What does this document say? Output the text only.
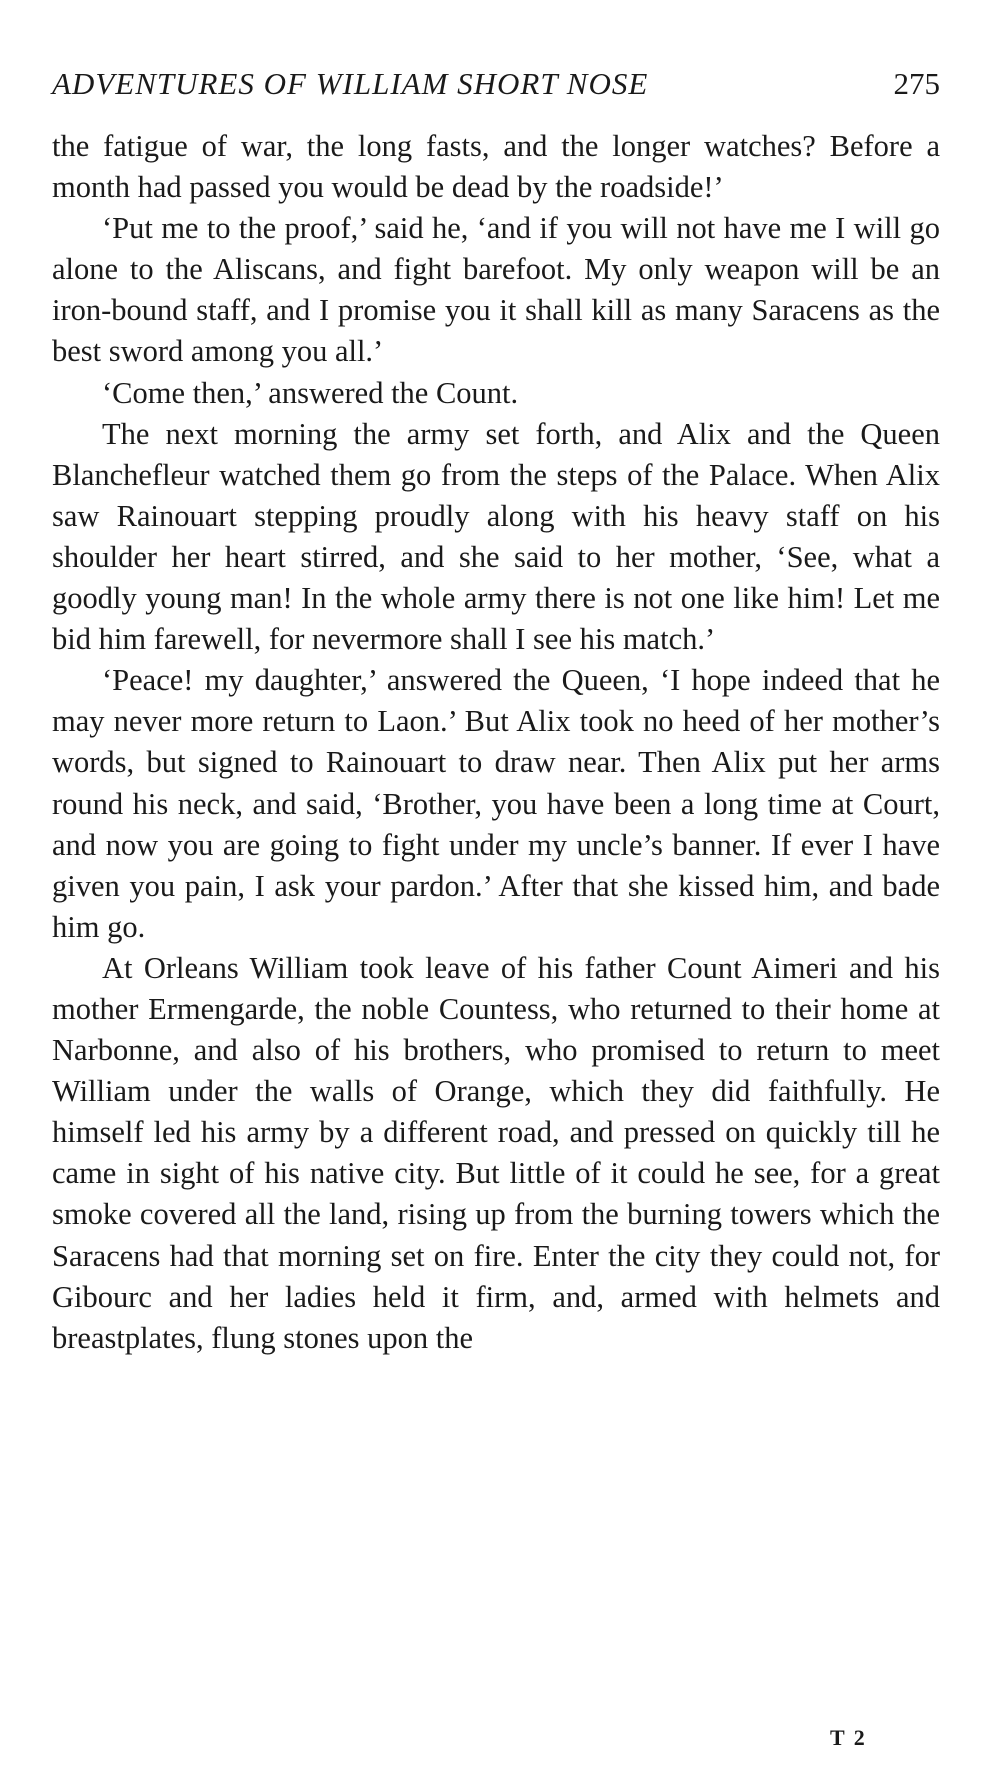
ADVENTURES OF WILLIAM SHORT NOSE	275

the fatigue of war, the long fasts, and the longer watches? Before a month had passed you would be dead by the roadside!’

‘Put me to the proof,’ said he, ‘and if you will not have me I will go alone to the Aliscans, and fight barefoot. My only weapon will be an iron-bound staff, and I promise you it shall kill as many Saracens as the best sword among you all.’

‘Come then,’ answered the Count.

The next morning the army set forth, and Alix and the Queen Blanchefleur watched them go from the steps of the Palace. When Alix saw Rainouart stepping proudly along with his heavy staff on his shoulder her heart stirred, and she said to her mother, ‘See, what a goodly young man! In the whole army there is not one like him! Let me bid him farewell, for nevermore shall I see his match.’

‘Peace! my daughter,’ answered the Queen, ‘I hope indeed that he may never more return to Laon.’ But Alix took no heed of her mother’s words, but signed to Rainouart to draw near. Then Alix put her arms round his neck, and said, ‘Brother, you have been a long time at Court, and now you are going to fight under my uncle’s banner. If ever I have given you pain, I ask your pardon.’ After that she kissed him, and bade him go.

At Orleans William took leave of his father Count Aimeri and his mother Ermengarde, the noble Countess, who returned to their home at Narbonne, and also of his brothers, who promised to return to meet William under the walls of Orange, which they did faithfully. He himself led his army by a different road, and pressed on quickly till he came in sight of his native city. But little of it could he see, for a great smoke covered all the land, rising up from the burning towers which the Saracens had that morning set on fire. Enter the city they could not, for Gibourc and her ladies held it firm, and, armed with helmets and breastplates, flung stones upon the

T 2
